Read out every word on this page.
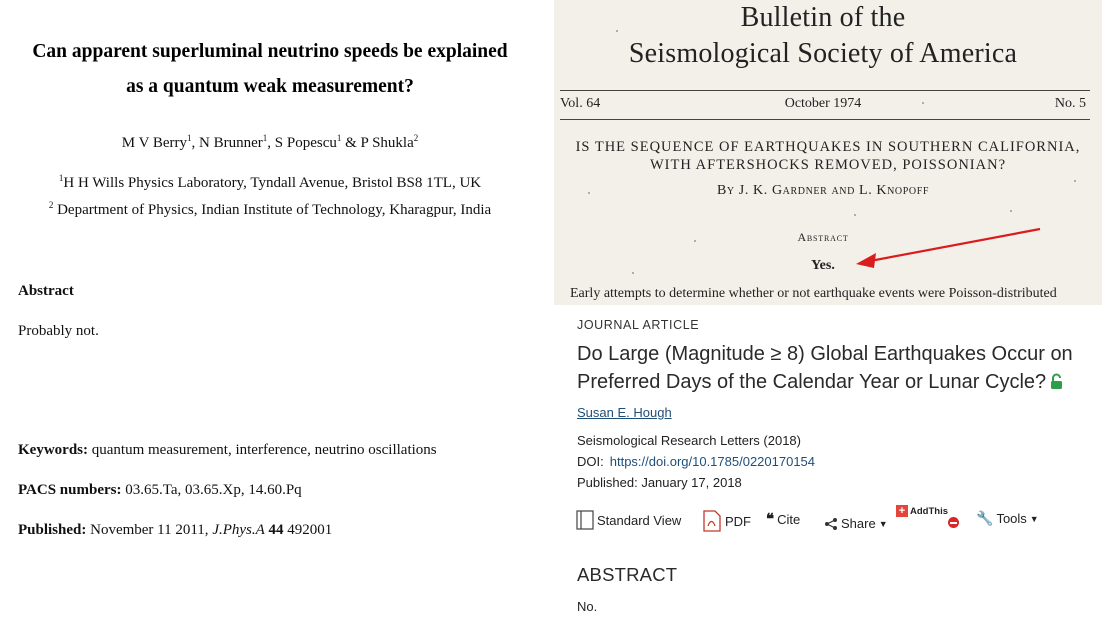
Can apparent superluminal neutrino speeds be explained
as a quantum weak measurement?
M V Berry$^1$, N Brunner$^1$, S Popescu$^1$ & P Shukla$^2$
$^1$H H Wills Physics Laboratory, Tyndall Avenue, Bristol BS8 1TL, UK
$^2$ Department of Physics, Indian Institute of Technology, Kharagpur, India
Abstract
Probably not.
Keywords: quantum measurement, interference, neutrino oscillations
PACS numbers: 03.65.Ta, 03.65.Xp, 14.60.Pq
Published: November 11 2011, J.Phys.A 44 492001
Bulletin of the
Seismological Society of America
Vol. 64	October 1974	No. 5
IS THE SEQUENCE OF EARTHQUAKES IN SOUTHERN CALIFORNIA,
WITH AFTERSHOCKS REMOVED, POISSONIAN?
By J. K. Gardner and L. Knopoff
Abstract
Yes.
Early attempts to determine whether or not earthquake events were Poisson-distributed
JOURNAL ARTICLE
Do Large (Magnitude ≥ 8) Global Earthquakes Occur on
Preferred Days of the Calendar Year or Lunar Cycle?
Susan E. Hough
Seismological Research Letters (2018)
DOI: https://doi.org/10.1785/0220170154
Published: January 17, 2018
Standard View	PDF ❝ Cite	Share ▼
+ AddThis 🔧 Tools ▼
ABSTRACT
No.
